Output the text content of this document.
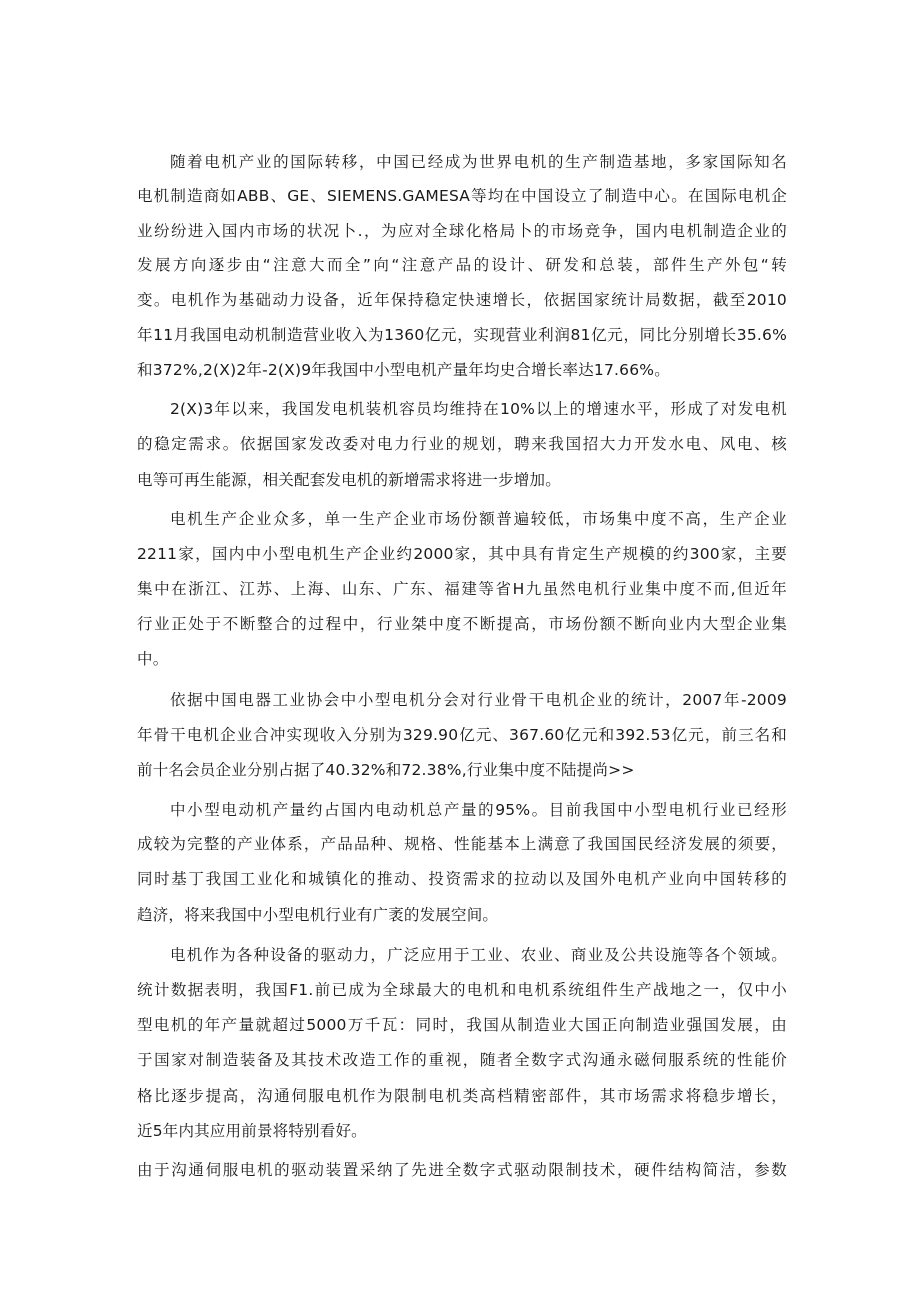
随着电机产业的国际转移，中国已经成为世界电机的生产制造基地，多家国际知名
电机制造商如ABB、GE、SIEMENS.GAMESA等均在中国设立了制造中心。在国际电机企
业纷纷进入国内市场的状况卜.，为应对全球化格局卜的市场竞争，国内电机制造企业的
发展方向逐步由“注意大而全”向“注意产品的设计、研发和总装，部件生产外包“转
变。电机作为基础动力设备，近年保持稳定快速增长，依据国家统计局数据，截至2010
年11月我国电动机制造营业收入为1360亿元，实现营业利润81亿元，同比分别增长35.6%
和372%,2(X)2年-2(X)9年我国中小型电机产量年均史合增长率达17.66%。
2(X)3年以来，我国发电机装机容员均维持在10%以上的增速水平，形成了对发电机
的稳定需求。依据国家发改委对电力行业的规划，聘来我国招大力开发水电、风电、核
电等可再生能源，相关配套发电机的新增需求将进一步增加。
电机生产企业众多，单一生产企业市场份额普遍较低，市场集中度不高，生产企业
2211家，国内中小型电机生产企业约2000家，其中具有肯定生产规模的约300家，主要
集中在浙江、江苏、上海、山东、广东、福建等省H九虽然电机行业集中度不而,但近年
行业正处于不断整合的过程中，行业桀中度不断提高，市场份额不断向业内大型企业集
中。
依据中国电器工业协会中小型电机分会对行业骨干电机企业的统计，2007年-2009
年骨干电机企业合冲实现收入分别为329.90亿元、367.60亿元和392.53亿元，前三名和
前十名会员企业分别占据了40.32%和72.38%,行业集中度不陆提尚>>
中小型电动机产量约占国内电动机总产量的95%。目前我国中小型电机行业已经形
成较为完整的产业体系，产品品种、规格、性能基本上满意了我国国民经济发展的须要，
同时基丁我国工业化和城镇化的推动、投资需求的拉动以及国外电机产业向中国转移的
趋济，将来我国中小型电机行业有广袤的发展空间。
电机作为各种设备的驱动力，广泛应用于工业、农业、商业及公共设施等各个领域。
统计数据表明，我国F1.前已成为全球最大的电机和电机系统组件生产战地之一，仅中小
型电机的年产量就超过5000万千瓦：同时，我国从制造业大国正向制造业强国发展，由
于国家对制造装备及其技术改造工作的重视，随者全数字式沟通永磁伺服系统的性能价
格比逐步提高，沟通伺服电机作为限制电机类高档精密部件，其市场需求将稳步增长，
近5年内其应用前景将特别看好。
由于沟通伺服电机的驱动装置采纳了先进全数字式驱动限制技术，硬件结构简洁，参数
